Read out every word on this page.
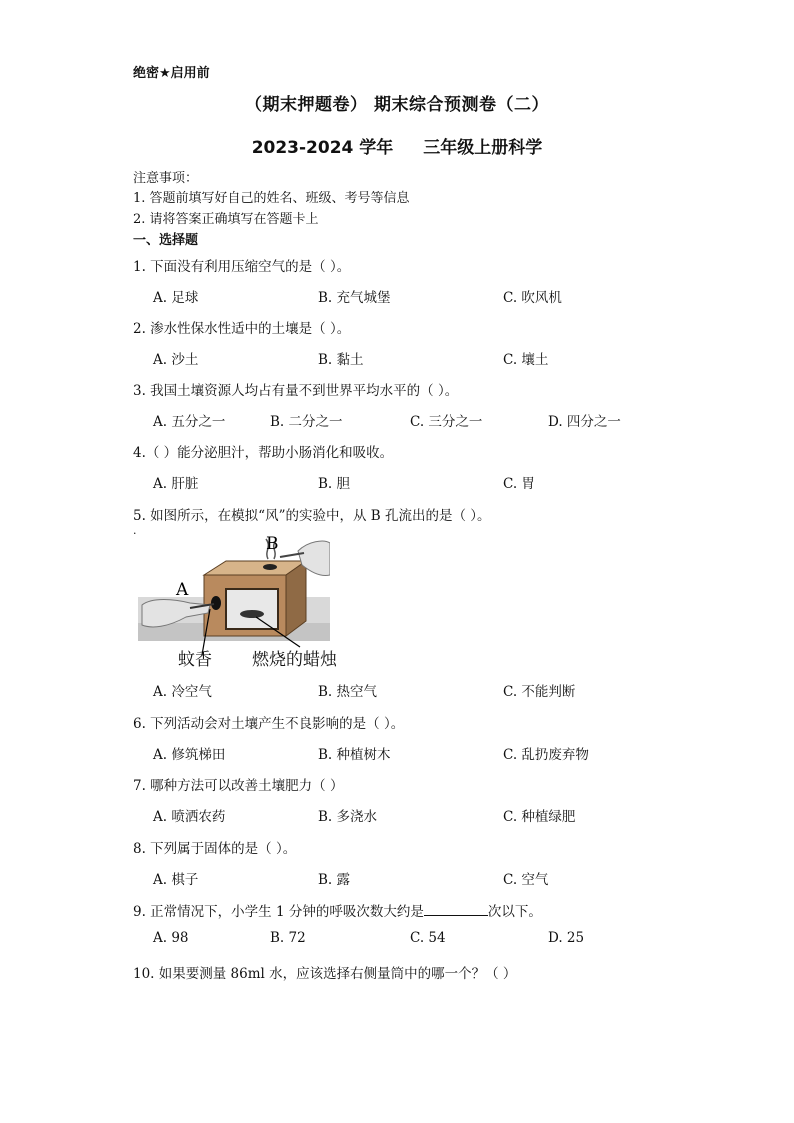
绝密★启用前
（期末押题卷） 期末综合预测卷（二）
2023-2024 学年 三年级上册科学
注意事项：
1. 答题前填写好自己的姓名、班级、考号等信息
2. 请将答案正确填写在答题卡上
一、选择题
1. 下面没有利用压缩空气的是（ ）。
A. 足球	B. 充气城堡	C. 吹风机
2. 渗水性保水性适中的土壤是（ ）。
A. 沙土	B. 黏土	C. 壤土
3. 我国土壤资源人均占有量不到世界平均水平的（ ）。
A. 五分之一	B. 二分之一	C. 三分之一	D. 四分之一
4.（ ）能分泌胆汁，帮助小肠消化和吸收。
A. 肝脏	B. 胆	C. 胃
5. 如图所示，在模拟“风”的实验中，从 B 孔流出的是（ ）。
·
A
B
蚊香 燃烧的蜡烛
A. 冷空气	B. 热空气	C. 不能判断
6. 下列活动会对土壤产生不良影响的是（ ）。
A. 修筑梯田	B. 种植树木	C. 乱扔废弃物
7. 哪种方法可以改善土壤肥力（ ）
A. 喷洒农药	B. 多浇水	C. 种植绿肥
8. 下列属于固体的是（ ）。
A. 棋子	B. 露	C. 空气
9. 正常情况下，小学生 1 分钟的呼吸次数大约是	次以下。
A. 98	B. 72	C. 54	D. 25
10. 如果要测量 86ml 水，应该选择右侧量筒中的哪一个？（ ）
